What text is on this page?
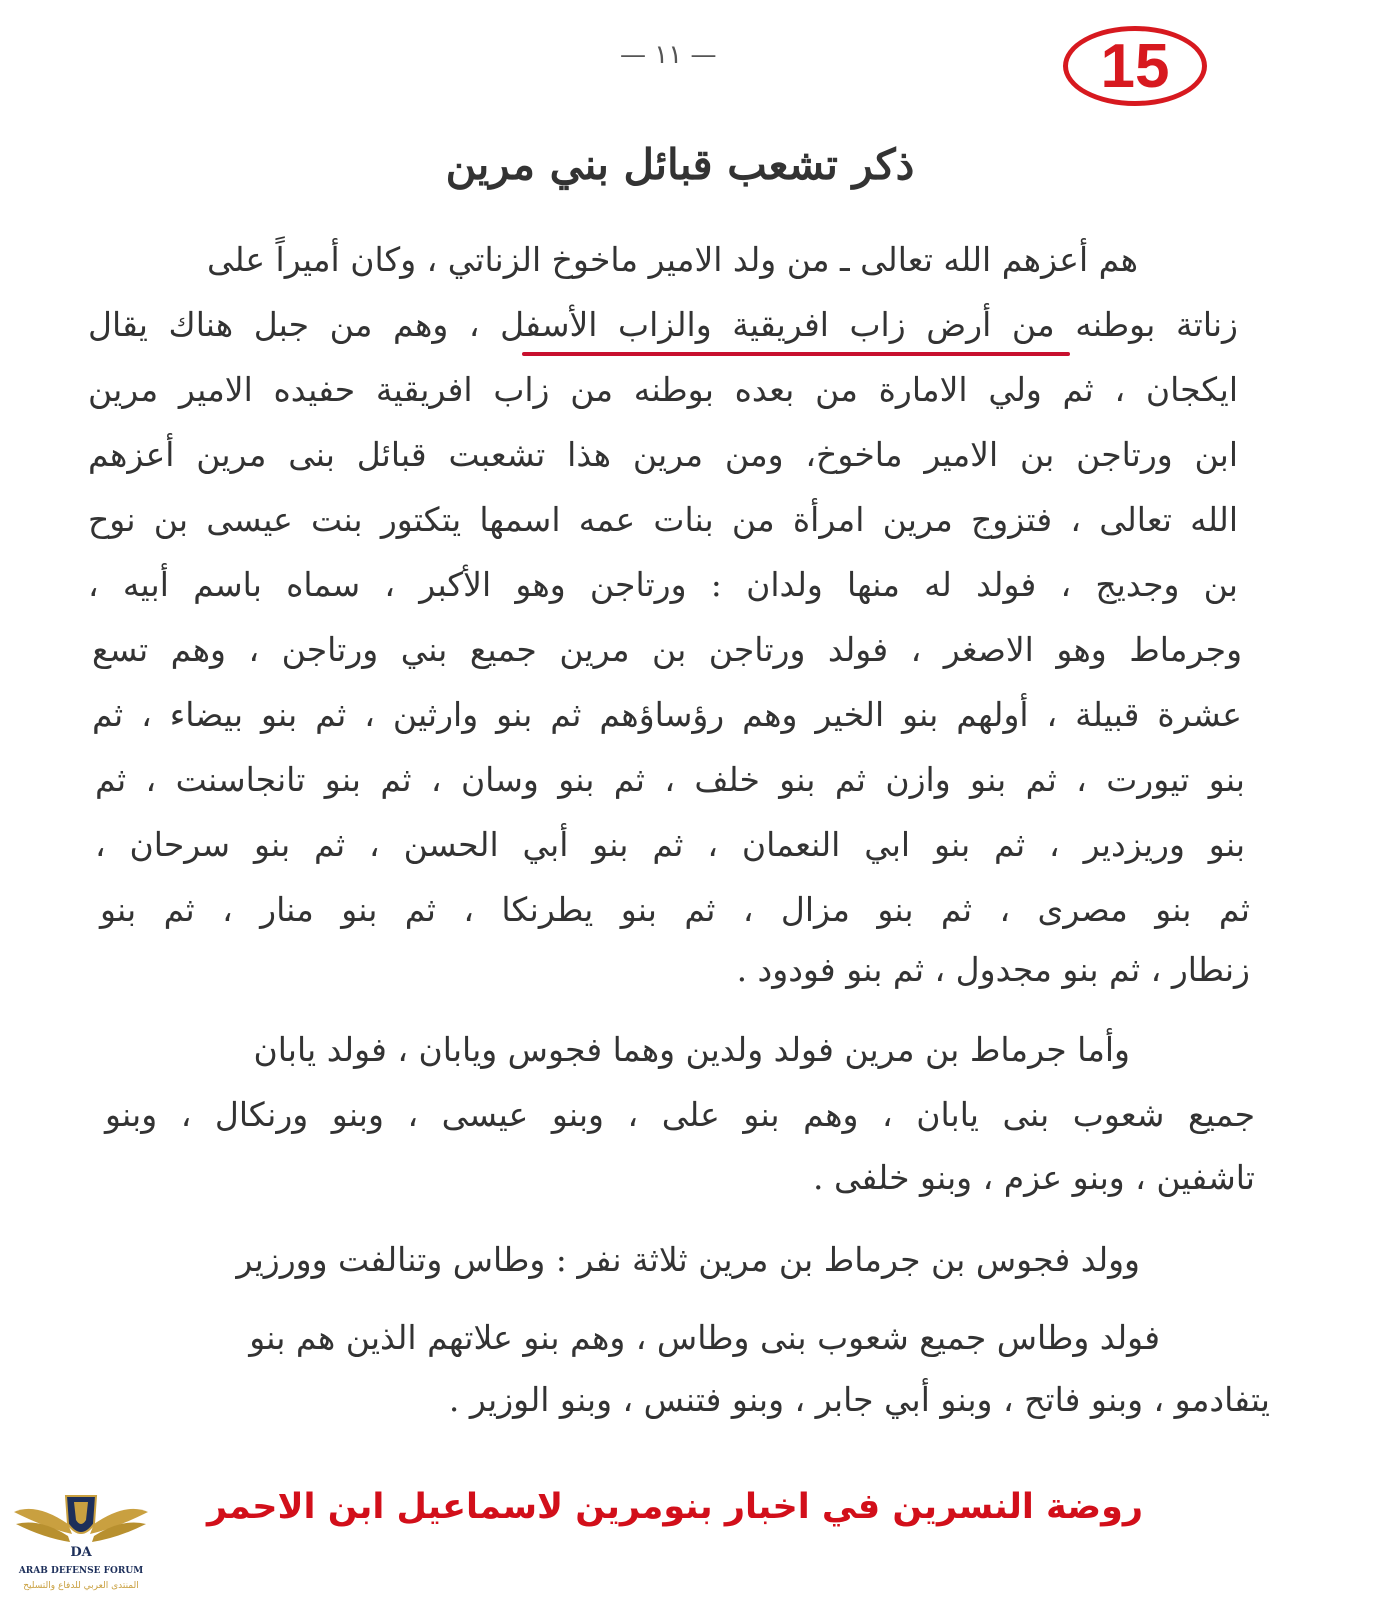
— ١١ —	15
ذكر تشعب قبائل بني مرين
هم أعزهم الله تعالى ـ من ولد الامير ماخوخ الزناتي ، وكان أميراً على
زناتة بوطنه من أرض زاب افريقية والزاب الأسفل ، وهم من جبل هناك يقال
ايكجان ، ثم ولي الامارة من بعده بوطنه من زاب افريقية حفيده الامير مرين
ابن ورتاجن بن الامير ماخوخ، ومن مرين هذا تشعبت قبائل بنى مرين أعزهم
الله تعالى ، فتزوج مرين امرأة من بنات عمه اسمها يتكتور بنت عيسى بن نوح
بن وجديج ، فولد له منها ولدان : ورتاجن وهو الأكبر ، سماه باسم أبيه ،
وجرماط وهو الاصغر ، فولد ورتاجن بن مرين جميع بني ورتاجن ، وهم تسع
عشرة قبيلة ، أولهم بنو الخير وهم رؤساؤهم ثم بنو وارثين ، ثم بنو بيضاء ، ثم
بنو تيورت ، ثم بنو وازن ثم بنو خلف ، ثم بنو وسان ، ثم بنو تانجاسنت ، ثم
بنو وريزدير ، ثم بنو ابي النعمان ، ثم بنو أبي الحسن ، ثم بنو سرحان ،
ثم بنو مصرى ، ثم بنو مزال ، ثم بنو يطرنكا ، ثم بنو منار ، ثم بنو
زنطار ، ثم بنو مجدول ، ثم بنو فودود .
وأما جرماط بن مرين فولد ولدين وهما فجوس ويابان ، فولد يابان
جميع شعوب بنى يابان ، وهم بنو على ، وبنو عيسى ، وبنو ورنكال ، وبنو
تاشفين ، وبنو عزم ، وبنو خلفى .
وولد فجوس بن جرماط بن مرين ثلاثة نفر : وطاس وتنالفت وورزير
فولد وطاس جميع شعوب بنى وطاس ، وهم بنو علاتهم الذين هم بنو
يتفادمو ، وبنو فاتح ، وبنو أبي جابر ، وبنو فتنس ، وبنو الوزير .
روضة النسرين في اخبار بنومرين لاسماعيل ابن الاحمر
DA
ARAB DEFENSE FORUM
المنتدى العربي للدفاع والتسليح
